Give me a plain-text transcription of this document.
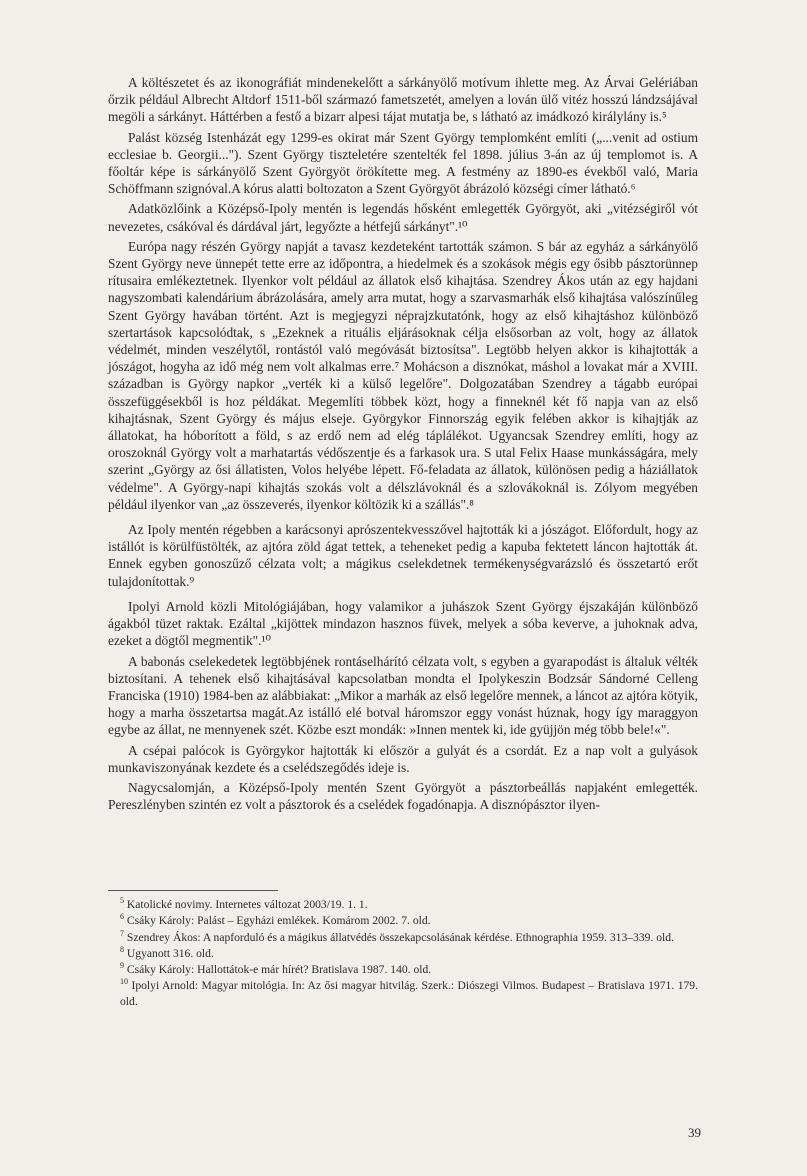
A költészetet és az ikonográfiát mindenekelőtt a sárkányölő motívum ihlette meg. Az Árvai Gelériában őrzik például Albrecht Altdorf 1511-ből származó fametszetét, amelyen a lován ülő vitéz hosszú lándzsájával megöli a sárkányt. Háttérben a festő a bizarr alpesi tájat mutatja be, s látható az imádkozó királylány is.⁵

Palást község Istenházát egy 1299-es okirat már Szent György templomként említi („...venit ad ostium ecclesiae b. Georgii..."). Szent György tiszteletére szentelték fel 1898. július 3-án az új templomot is. A főoltár képe is sárkányölő Szent Györgyöt örökítette meg. A festmény az 1890-es évekből való, Maria Schöffmann szignóval.A kórus alatti boltozaton a Szent Györgyöt ábrázoló községi címer látható.⁶

Adatközlőink a Középső-Ipoly mentén is legendás hősként emlegették Györgyöt, aki „vitézségiről vót nevezetes, csákóval és dárdával járt, legyőzte a hétfejű sárkányt".¹⁰

Európa nagy részén György napját a tavasz kezdeteként tartották számon. S bár az egyház a sárkányölő Szent György neve ünnepét tette erre az időpontra, a hiedelmek és a szokások mégis egy ősibb pásztorünnep rítusaira emlékeztetnek. Ilyenkor volt például az állatok első kihajtása. Szendrey Ákos után az egy hajdani nagyszombati kalendárium ábrázolására, amely arra mutat, hogy a szarvasmarhák első kihajtása valószínűleg Szent György havában történt. Azt is megjegyzi néprajzkutatónk, hogy az első kihajtáshoz különböző szertartások kapcsolódtak, s „Ezeknek a rituális eljárásoknak célja elsősorban az volt, hogy az állatok védelmét, minden veszélytől, rontástól való megóvását biztosítsa". Legtöbb helyen akkor is kihajtották a jószágot, hogyha az idő még nem volt alkalmas erre.⁷ Mohácson a disznókat, máshol a lovakat már a XVIII. században is György napkor „verték ki a külső legelőre". Dolgozatában Szendrey a tágabb európai összefüggésekből is hoz példákat. Megemlíti többek közt, hogy a finneknél két fő napja van az első kihajtásnak, Szent György és május elseje. Györgykor Finnország egyik felében akkor is kihajtják az állatokat, ha hóborított a föld, s az erdő nem ad elég táplálékot. Ugyancsak Szendrey említi, hogy az oroszoknál György volt a marhatartás védőszentje és a farkasok ura. S utal Felix Haase munkásságára, mely szerint „György az ősi állatisten, Volos helyébe lépett. Fő-feladata az állatok, különösen pedig a háziállatok védelme". A György-napi kihajtás szokás volt a délszlávoknál és a szlovákoknál is. Zólyom megyében például ilyenkor van „az összeverés, ilyenkor költözik ki a szállás".⁸

Az Ipoly mentén régebben a karácsonyi aprószentekvesszővel hajtották ki a jószágot. Előfordult, hogy az istállót is körülfüstölték, az ajtóra zöld ágat tettek, a teheneket pedig a kapuba fektetett láncon hajtották át. Ennek egyben gonoszűző célzata volt; a mágikus cselekdetnek termékenységvarázsló és összetartó erőt tulajdonítottak.⁹

Ipolyi Arnold közli Mitológiájában, hogy valamikor a juhászok Szent György éjszakáján különböző ágakból tüzet raktak. Ezáltal „kijöttek mindazon hasznos füvek, melyek a sóba keverve, a juhoknak adva, ezeket a dögtől megmentik".¹⁰

A babonás cselekedetek legtöbbjének rontáselhárító célzata volt, s egyben a gyarapodást is általuk vélték biztosítani. A tehenek első kihajtásával kapcsolatban mondta el Ipolykeszin Bodzsár Sándorné Celleng Franciska (1910) 1984-ben az alábbiakat: „Mikor a marhák az első legelőre mennek, a láncot az ajtóra kötyik, hogy a marha összetartsa magát.Az istálló elé botval háromszor eggy vonást húznak, hogy így maraggyon egybe az állat, ne mennyenek szét. Közbe eszt mondák: »Innen mentek ki, ide gyüjjön még több bele!«".

A csépai palócok is Györgykor hajtották ki először a gulyát és a csordát. Ez a nap volt a gulyások munkaviszonyának kezdete és a cselédszegődés ideje is.

Nagycsalomján, a Középső-Ipoly mentén Szent Györgyöt a pásztorbeállás napjaként emlegették. Pereszlényben szintén ez volt a pásztorok és a cselédek fogadónapja. A disznópásztor ilyen-

$^5$ Katolické novimy. Internetes változat 2003/19. 1. 1.
$^6$ Csáky Károly: Palást – Egyházi emlékek. Komárom 2002. 7. old.
$^7$ Szendrey Ákos: A napforduló és a mágikus állatvédés összekapcsolásának kérdése. Ethnographia 1959. 313–339. old.
$^8$ Ugyanott 316. old.
$^9$ Csáky Károly: Hallottátok-e már hírét? Bratislava 1987. 140. old.
$^{10}$ Ipolyi Arnold: Magyar mitológia. In: Az ősi magyar hitvilág. Szerk.: Diószegi Vilmos. Budapest – Bratislava 1971. 179. old.
39
